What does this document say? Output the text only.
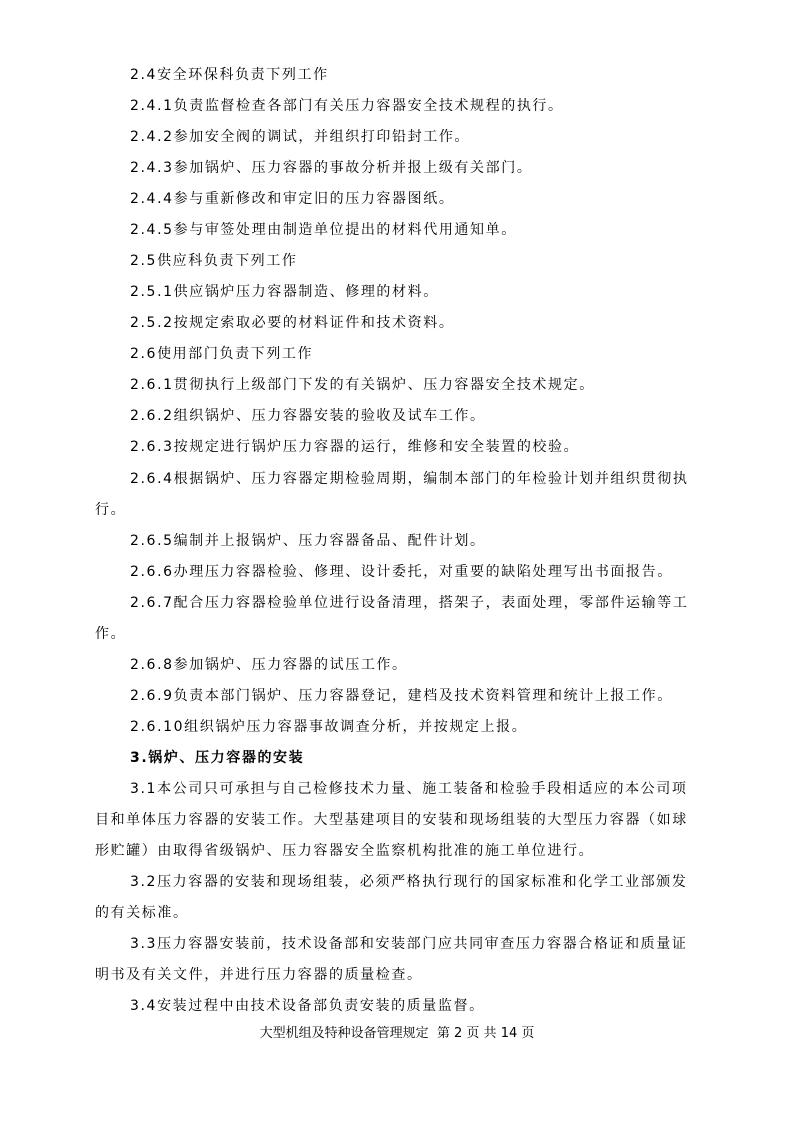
2.4安全环保科负责下列工作
2.4.1负责监督检查各部门有关压力容器安全技术规程的执行。
2.4.2参加安全阀的调试，并组织打印铅封工作。
2.4.3参加锅炉、压力容器的事故分析并报上级有关部门。
2.4.4参与重新修改和审定旧的压力容器图纸。
2.4.5参与审签处理由制造单位提出的材料代用通知单。
2.5供应科负责下列工作
2.5.1供应锅炉压力容器制造、修理的材料。
2.5.2按规定索取必要的材料证件和技术资料。
2.6使用部门负责下列工作
2.6.1贯彻执行上级部门下发的有关锅炉、压力容器安全技术规定。
2.6.2组织锅炉、压力容器安装的验收及试车工作。
2.6.3按规定进行锅炉压力容器的运行，维修和安全装置的校验。
2.6.4根据锅炉、压力容器定期检验周期，编制本部门的年检验计划并组织贯彻执
行。
2.6.5编制并上报锅炉、压力容器备品、配件计划。
2.6.6办理压力容器检验、修理、设计委托，对重要的缺陷处理写出书面报告。
2.6.7配合压力容器检验单位进行设备清理，搭架子，表面处理，零部件运输等工
作。
2.6.8参加锅炉、压力容器的试压工作。
2.6.9负责本部门锅炉、压力容器登记，建档及技术资料管理和统计上报工作。
2.6.10组织锅炉压力容器事故调查分析，并按规定上报。
3.锅炉、压力容器的安装
3.1本公司只可承担与自己检修技术力量、施工装备和检验手段相适应的本公司项
目和单体压力容器的安装工作。大型基建项目的安装和现场组装的大型压力容器（如球
形贮罐）由取得省级锅炉、压力容器安全监察机构批准的施工单位进行。
3.2压力容器的安装和现场组装，必须严格执行现行的国家标准和化学工业部颁发
的有关标准。
3.3压力容器安装前，技术设备部和安装部门应共同审查压力容器合格证和质量证
明书及有关文件，并进行压力容器的质量检查。
3.4安装过程中由技术设备部负责安装的质量监督。
大型机组及特种设备管理规定  第 2 页 共 14 页
